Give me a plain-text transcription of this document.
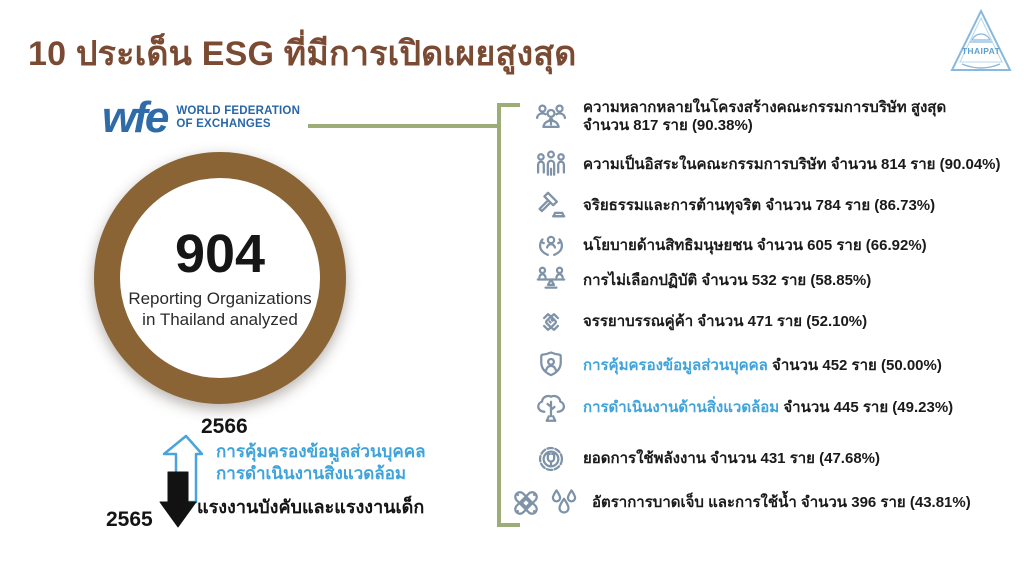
10 ประเด็น ESG ที่มีการเปิดเผยสูงสุด	THAIPAT
wfe WORLD FEDERATION
OF EXCHANGES
904
Reporting Organizations in Thailand analyzed
2566
การคุ้มครองข้อมูลส่วนบุคคล
การดำเนินงานสิ่งแวดล้อม
แรงงานบังคับและแรงงานเด็ก
2565
ความหลากหลายในโครงสร้างคณะกรรมการบริษัท สูงสุด
จำนวน 817 ราย (90.38%)
ความเป็นอิสระในคณะกรรมการบริษัท จำนวน 814 ราย (90.04%)
จริยธรรมและการต้านทุจริต จำนวน 784 ราย (86.73%)
นโยบายด้านสิทธิมนุษยชน จำนวน 605 ราย (66.92%)
การไม่เลือกปฏิบัติ จำนวน 532 ราย (58.85%)
จรรยาบรรณคู่ค้า จำนวน 471 ราย (52.10%)
การคุ้มครองข้อมูลส่วนบุคคล จำนวน 452 ราย (50.00%)
การดำเนินงานด้านสิ่งแวดล้อม จำนวน 445 ราย (49.23%)
ยอดการใช้พลังงาน จำนวน 431 ราย (47.68%)
อัตราการบาดเจ็บ และการใช้น้ำ จำนวน 396 ราย (43.81%)
